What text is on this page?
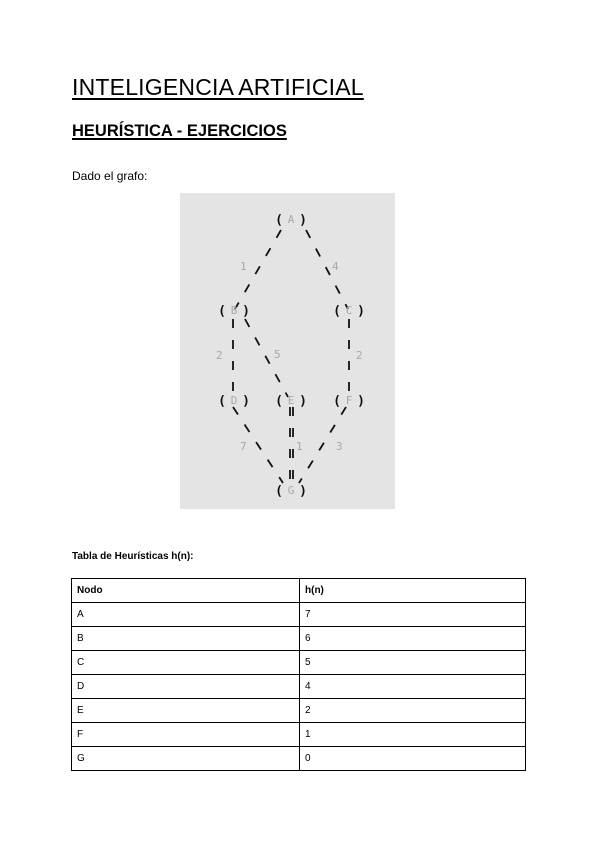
INTELIGENCIA ARTIFICIAL
HEURÍSTICA - EJERCICIOS
Dado el grafo:
1	4
2	5	2
7	1	3
( A )
( B )	( C )
( D ) ( E ) ( F )
( G )
Tabla de Heurísticas h(n):
Nodo	h(n)
A	7
B	6
C	5
D	4
E	2
F	1
G	0
